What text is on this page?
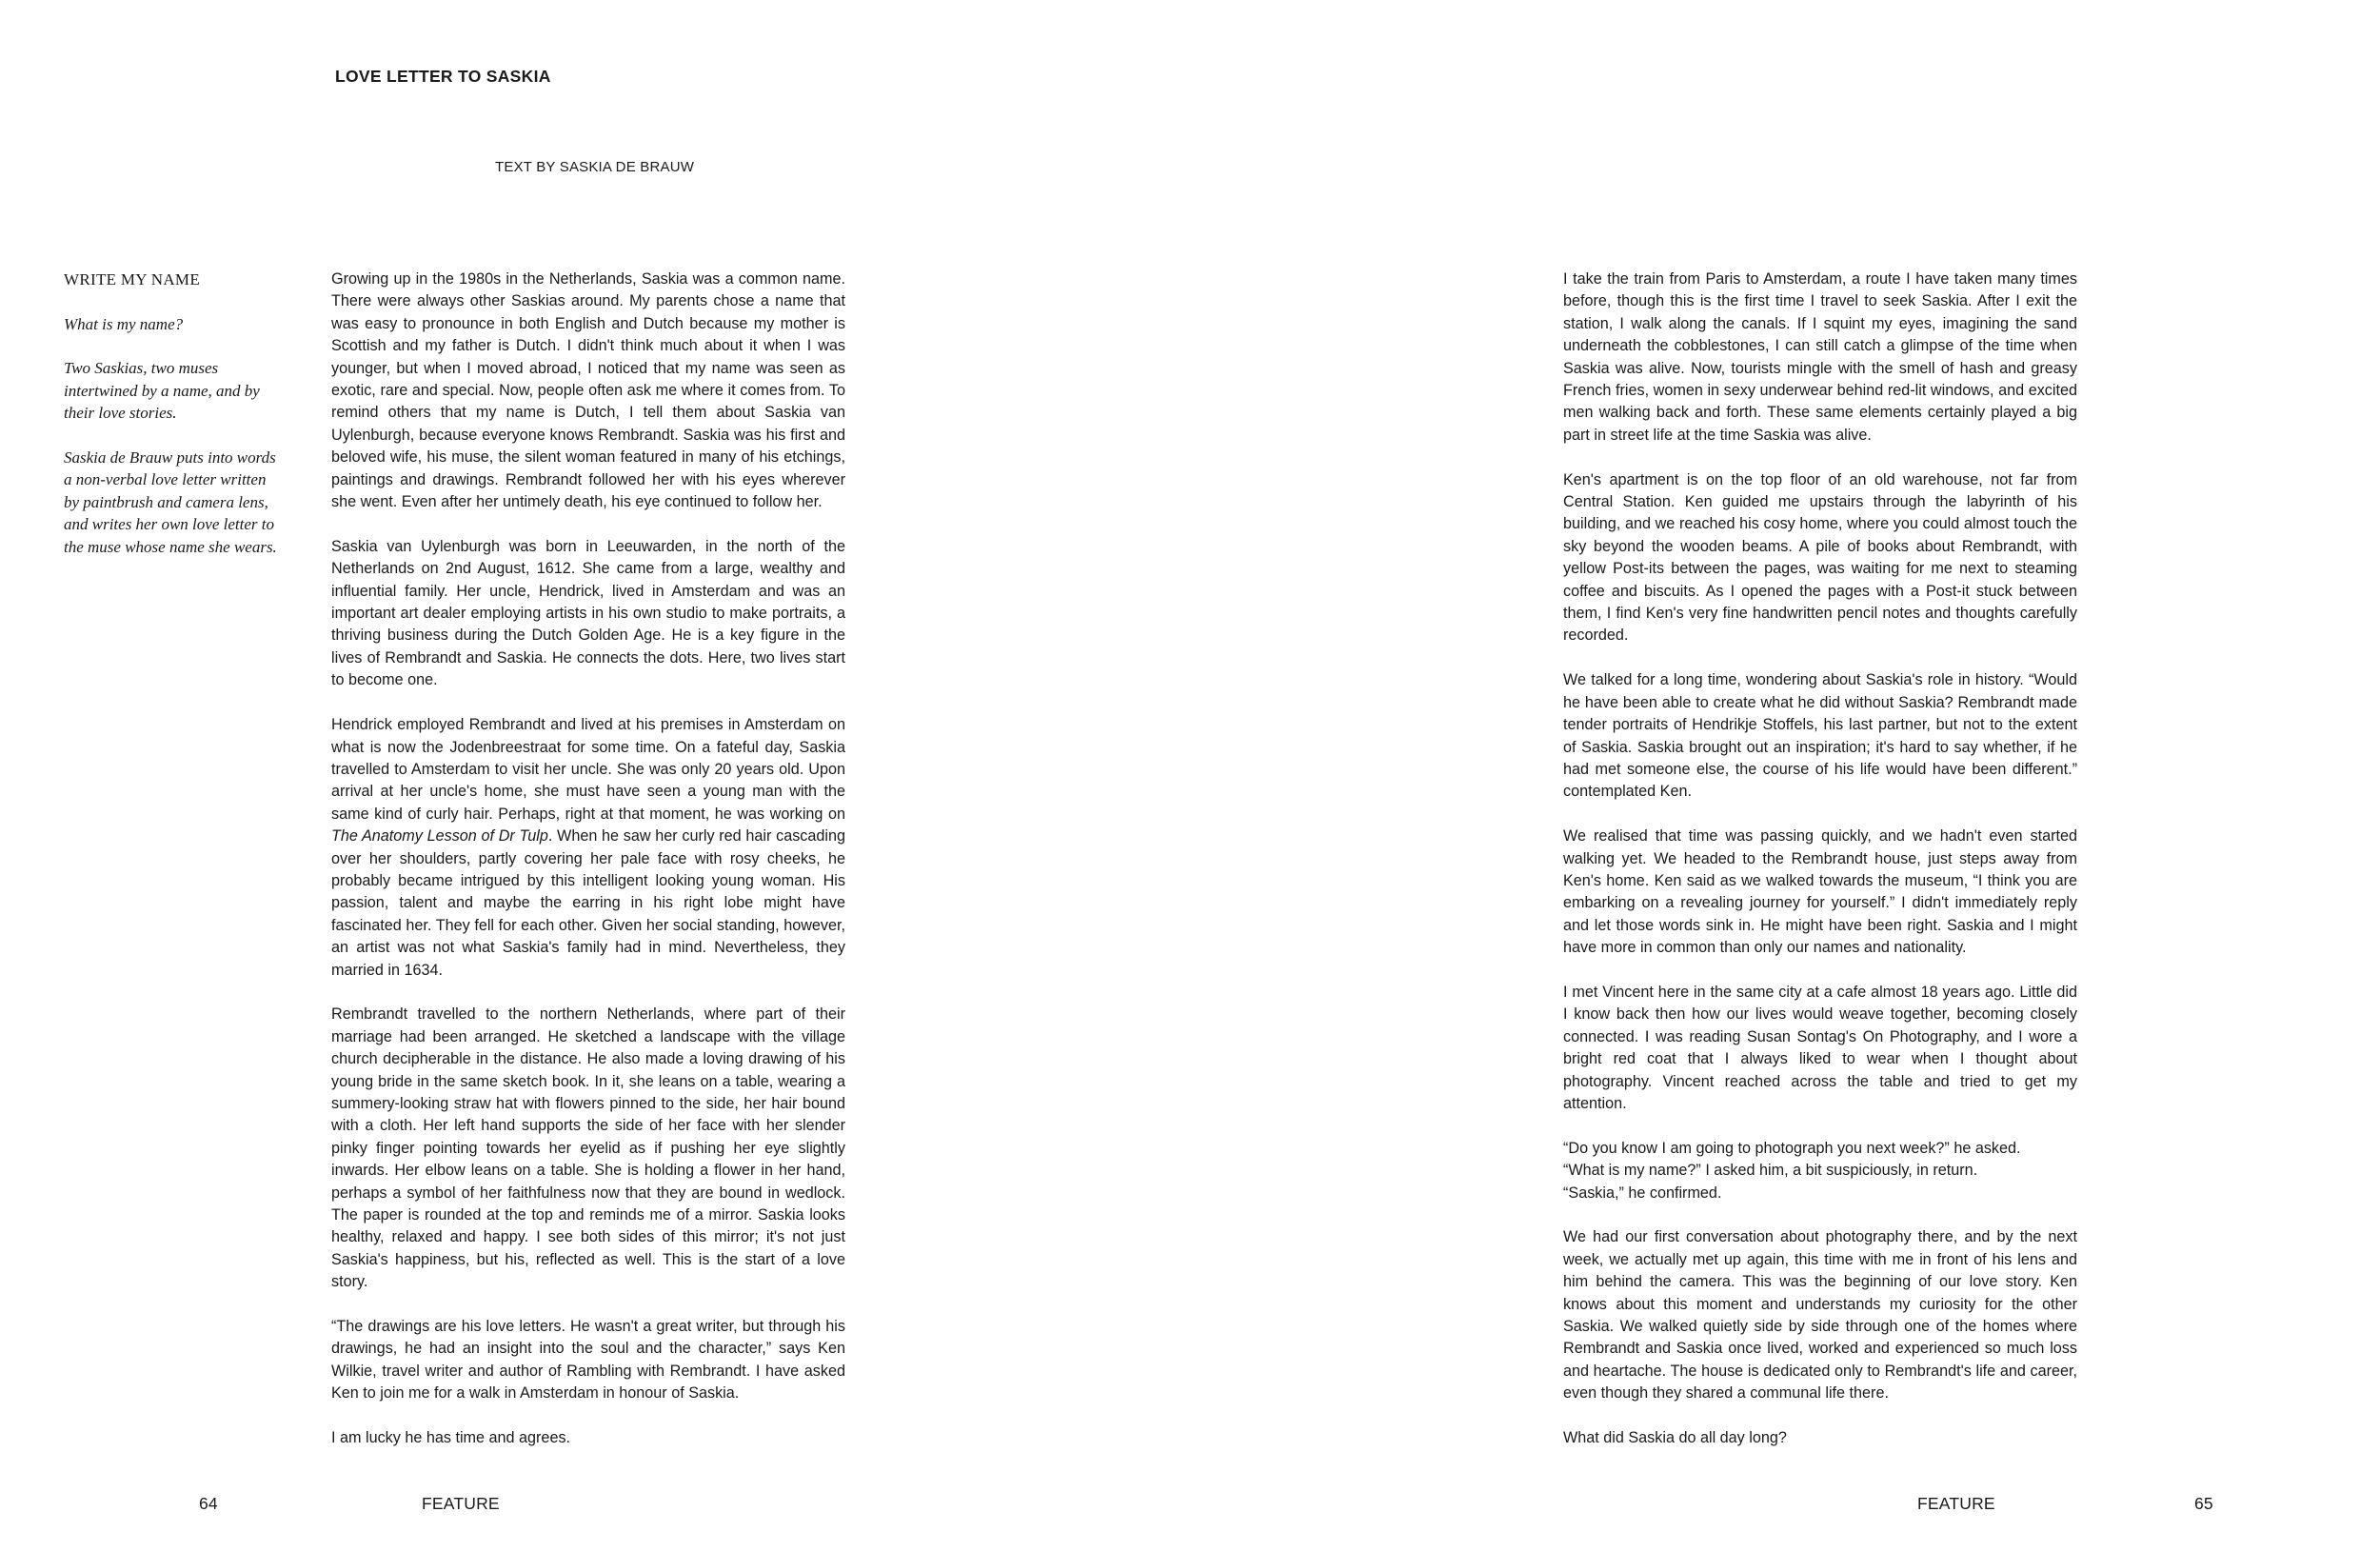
LOVE LETTER TO SASKIA
TEXT BY SASKIA DE BRAUW
WRITE MY NAME

What is my name?

Two Saskias, two muses intertwined by a name, and by their love stories.

Saskia de Brauw puts into words a non-verbal love letter written by paintbrush and camera lens, and writes her own love letter to the muse whose name she wears.

Growing up in the 1980s in the Netherlands, Saskia was a common name. There were always other Saskias around. My parents chose a name that was easy to pronounce in both English and Dutch because my mother is Scottish and my father is Dutch. I didn't think much about it when I was younger, but when I moved abroad, I noticed that my name was seen as exotic, rare and special. Now, people often ask me where it comes from. To remind others that my name is Dutch, I tell them about Saskia van Uylenburgh, because everyone knows Rembrandt. Saskia was his first and beloved wife, his muse, the silent woman featured in many of his etchings, paintings and drawings. Rembrandt followed her with his eyes wherever she went. Even after her untimely death, his eye continued to follow her.

Saskia van Uylenburgh was born in Leeuwarden, in the north of the Netherlands on 2nd August, 1612. She came from a large, wealthy and influential family. Her uncle, Hendrick, lived in Amsterdam and was an important art dealer employing artists in his own studio to make portraits, a thriving business during the Dutch Golden Age. He is a key figure in the lives of Rembrandt and Saskia. He connects the dots. Here, two lives start to become one.

Hendrick employed Rembrandt and lived at his premises in Amsterdam on what is now the Jodenbreestraat for some time. On a fateful day, Saskia travelled to Amsterdam to visit her uncle. She was only 20 years old. Upon arrival at her uncle's home, she must have seen a young man with the same kind of curly hair. Perhaps, right at that moment, he was working on The Anatomy Lesson of Dr Tulp. When he saw her curly red hair cascading over her shoulders, partly covering her pale face with rosy cheeks, he probably became intrigued by this intelligent looking young woman. His passion, talent and maybe the earring in his right lobe might have fascinated her. They fell for each other. Given her social standing, however, an artist was not what Saskia's family had in mind. Nevertheless, they married in 1634.

Rembrandt travelled to the northern Netherlands, where part of their marriage had been arranged. He sketched a landscape with the village church decipherable in the distance. He also made a loving drawing of his young bride in the same sketch book. In it, she leans on a table, wearing a summery-looking straw hat with flowers pinned to the side, her hair bound with a cloth. Her left hand supports the side of her face with her slender pinky finger pointing towards her eyelid as if pushing her eye slightly inwards. Her elbow leans on a table. She is holding a flower in her hand, perhaps a symbol of her faithfulness now that they are bound in wedlock. The paper is rounded at the top and reminds me of a mirror. Saskia looks healthy, relaxed and happy. I see both sides of this mirror; it's not just Saskia's happiness, but his, reflected as well. This is the start of a love story.

“The drawings are his love letters. He wasn't a great writer, but through his drawings, he had an insight into the soul and the character,” says Ken Wilkie, travel writer and author of Rambling with Rembrandt. I have asked Ken to join me for a walk in Amsterdam in honour of Saskia.

I am lucky he has time and agrees.

I take the train from Paris to Amsterdam, a route I have taken many times before, though this is the first time I travel to seek Saskia. After I exit the station, I walk along the canals. If I squint my eyes, imagining the sand underneath the cobblestones, I can still catch a glimpse of the time when Saskia was alive. Now, tourists mingle with the smell of hash and greasy French fries, women in sexy underwear behind red-lit windows, and excited men walking back and forth. These same elements certainly played a big part in street life at the time Saskia was alive.

Ken's apartment is on the top floor of an old warehouse, not far from Central Station. Ken guided me upstairs through the labyrinth of his building, and we reached his cosy home, where you could almost touch the sky beyond the wooden beams. A pile of books about Rembrandt, with yellow Post-its between the pages, was waiting for me next to steaming coffee and biscuits. As I opened the pages with a Post-it stuck between them, I find Ken's very fine handwritten pencil notes and thoughts carefully recorded.

We talked for a long time, wondering about Saskia's role in history. “Would he have been able to create what he did without Saskia? Rembrandt made tender portraits of Hendrikje Stoffels, his last partner, but not to the extent of Saskia. Saskia brought out an inspiration; it's hard to say whether, if he had met someone else, the course of his life would have been different.” contemplated Ken.

We realised that time was passing quickly, and we hadn't even started walking yet. We headed to the Rembrandt house, just steps away from Ken's home. Ken said as we walked towards the museum, “I think you are embarking on a revealing journey for yourself.” I didn't immediately reply and let those words sink in. He might have been right. Saskia and I might have more in common than only our names and nationality.

I met Vincent here in the same city at a cafe almost 18 years ago. Little did I know back then how our lives would weave together, becoming closely connected. I was reading Susan Sontag's On Photography, and I wore a bright red coat that I always liked to wear when I thought about photography. Vincent reached across the table and tried to get my attention.

“Do you know I am going to photograph you next week?” he asked.

“What is my name?” I asked him, a bit suspiciously, in return.

“Saskia,” he confirmed.

We had our first conversation about photography there, and by the next week, we actually met up again, this time with me in front of his lens and him behind the camera. This was the beginning of our love story. Ken knows about this moment and understands my curiosity for the other Saskia. We walked quietly side by side through one of the homes where Rembrandt and Saskia once lived, worked and experienced so much loss and heartache. The house is dedicated only to Rembrandt's life and career, even though they shared a communal life there.

What did Saskia do all day long?

64	FEATURE	FEATURE	65
